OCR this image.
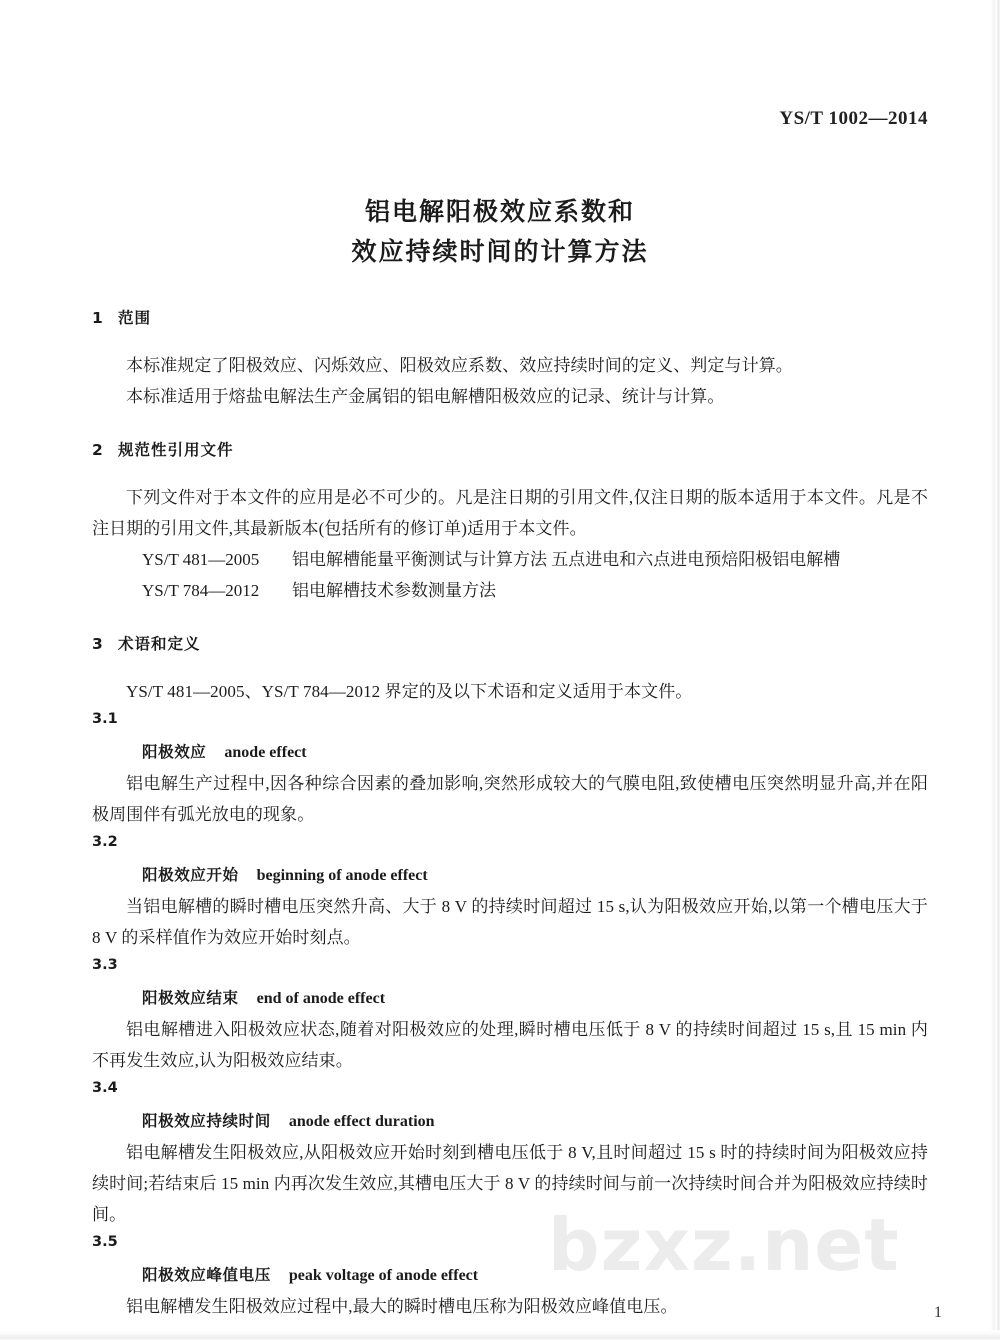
bzxz.net
YS/T 1002—2014
铝电解阳极效应系数和
效应持续时间的计算方法

1 范围

本标准规定了阳极效应、闪烁效应、阳极效应系数、效应持续时间的定义、判定与计算。

本标准适用于熔盐电解法生产金属铝的铝电解槽阳极效应的记录、统计与计算。

2 规范性引用文件

下列文件对于本文件的应用是必不可少的。凡是注日期的引用文件,仅注日期的版本适用于本文件。凡是不注日期的引用文件,其最新版本(包括所有的修订单)适用于本文件。

YS/T 481—2005 铝电解槽能量平衡测试与计算方法 五点进电和六点进电预焙阳极铝电解槽

YS/T 784—2012 铝电解槽技术参数测量方法

3 术语和定义

YS/T 481—2005、YS/T 784—2012 界定的及以下术语和定义适用于本文件。

3.1

阳极效应 anode effect

铝电解生产过程中,因各种综合因素的叠加影响,突然形成较大的气膜电阻,致使槽电压突然明显升高,并在阳极周围伴有弧光放电的现象。

3.2

阳极效应开始 beginning of anode effect

当铝电解槽的瞬时槽电压突然升高、大于 8 V 的持续时间超过 15 s,认为阳极效应开始,以第一个槽电压大于 8 V 的采样值作为效应开始时刻点。

3.3

阳极效应结束 end of anode effect

铝电解槽进入阳极效应状态,随着对阳极效应的处理,瞬时槽电压低于 8 V 的持续时间超过 15 s,且 15 min 内不再发生效应,认为阳极效应结束。

3.4

阳极效应持续时间 anode effect duration

铝电解槽发生阳极效应,从阳极效应开始时刻到槽电压低于 8 V,且时间超过 15 s 时的持续时间为阳极效应持续时间;若结束后 15 min 内再次发生效应,其槽电压大于 8 V 的持续时间与前一次持续时间合并为阳极效应持续时间。

3.5

阳极效应峰值电压 peak voltage of anode effect

铝电解槽发生阳极效应过程中,最大的瞬时槽电压称为阳极效应峰值电压。	1
